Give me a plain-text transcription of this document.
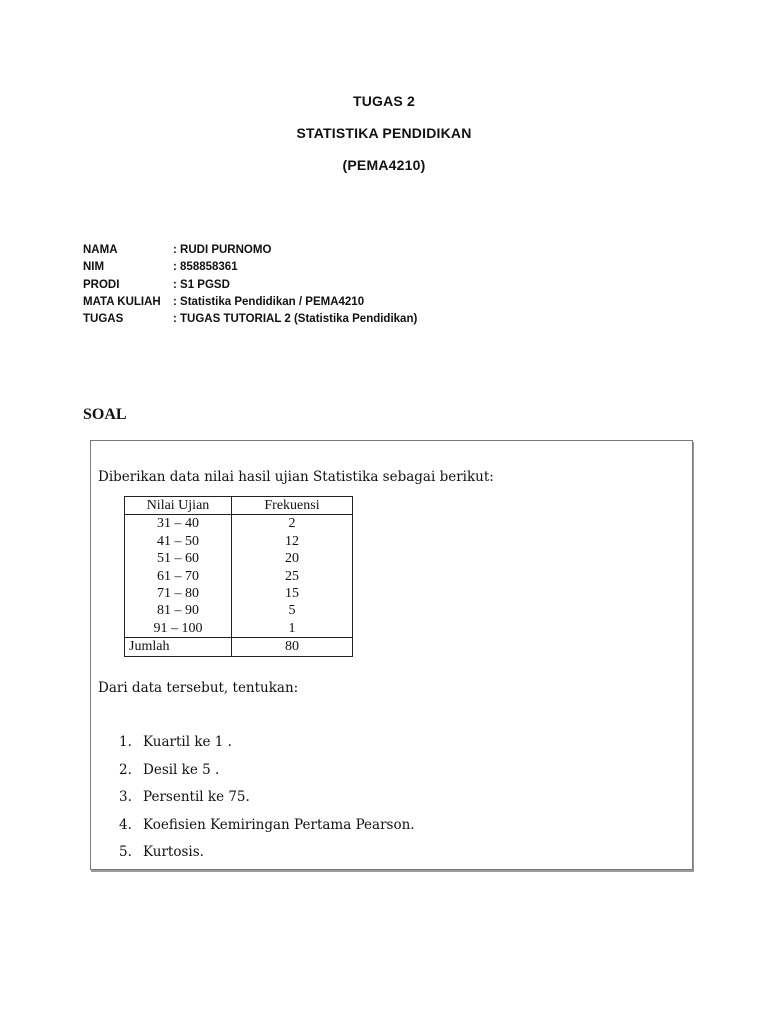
TUGAS 2
STATISTIKA PENDIDIKAN
(PEMA4210)
NAMA	: RUDI PURNOMO
NIM	: 858858361
PRODI	: S1 PGSD
MATA KULIAH	: Statistika Pendidikan / PEMA4210
TUGAS	: TUGAS TUTORIAL 2 (Statistika Pendidikan)
SOAL
Diberikan data nilai hasil ujian Statistika sebagai berikut:
Nilai Ujian	Frekuensi
31 – 40	2
41 – 50	12
51 – 60	20
61 – 70	25
71 – 80	15
81 – 90	5
91 – 100	1
Jumlah	80
Dari data tersebut, tentukan:
1. Kuartil ke 1 .
2. Desil ke 5 .
3. Persentil ke 75.
4. Koefisien Kemiringan Pertama Pearson.
5. Kurtosis.
